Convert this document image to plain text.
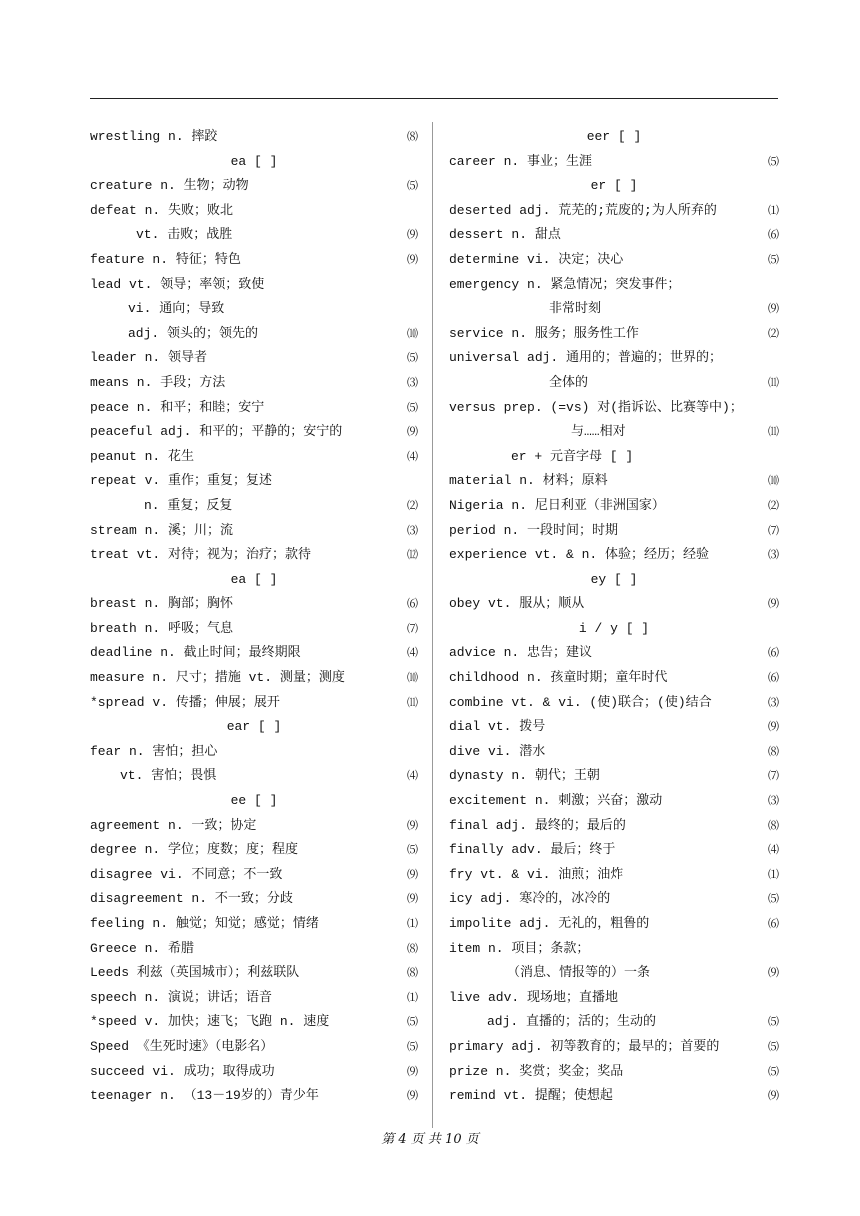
wrestling n. 摔跤	⑻
ea [ ]
creature n. 生物；动物	⑸
defeat n. 失败；败北
vt. 击败；战胜	⑼
feature n. 特征；特色	⑼
lead vt. 领导；率领；致使
vi. 通向；导致
adj. 领头的；领先的	⑽
leader n. 领导者	⑸
means n. 手段；方法	⑶
peace n. 和平；和睦；安宁	⑸
peaceful adj. 和平的；平静的；安宁的	⑼
peanut n. 花生	⑷
repeat v. 重作；重复；复述
n. 重复；反复	⑵
stream n. 溪；川；流	⑶
treat vt. 对待；视为；治疗；款待	⑿
ea [ ]
breast n. 胸部；胸怀	⑹
breath n. 呼吸；气息	⑺
deadline n. 截止时间；最终期限	⑷
measure n. 尺寸；措施 vt. 测量；测度	⑽
*spread v. 传播；伸展；展开	⑾
ear [ ]
fear n. 害怕；担心
vt. 害怕；畏惧	⑷
ee [ ]
agreement n. 一致；协定	⑼
degree n. 学位；度数；度；程度	⑸
disagree vi. 不同意；不一致	⑼
disagreement n. 不一致；分歧	⑼
feeling n. 触觉；知觉；感觉；情绪	⑴
Greece n. 希腊	⑻
Leeds 利兹（英国城市）；利兹联队	⑻
speech n. 演说；讲话；语音	⑴
*speed v. 加快；速飞；飞跑 n. 速度	⑸
Speed 《生死时速》（电影名）	⑸
succeed vi. 成功；取得成功	⑼
teenager n. （13－19岁的）青少年	⑼
eer [ ]
career n. 事业；生涯	⑸
er [ ]
deserted adj. 荒芜的;荒废的;为人所弃的	⑴
dessert n. 甜点	⑹
determine vi. 决定；决心	⑸
emergency n. 紧急情况；突发事件；
非常时刻	⑼
service n. 服务；服务性工作	⑵
universal adj. 通用的；普遍的；世界的；
全体的	⑾
versus prep. (=vs) 对(指诉讼、比赛等中)；
与……相对	⑾
er + 元音字母 [ ]
material n. 材料；原料	⑽
Nigeria n. 尼日利亚（非洲国家）	⑵
period n. 一段时间；时期	⑺
experience vt. & n. 体验；经历；经验	⑶
ey [ ]
obey vt. 服从；顺从	⑼
i / y [ ]
advice n. 忠告；建议	⑹
childhood n. 孩童时期；童年时代	⑹
combine vt. & vi. (使)联合；(使)结合	⑶
dial vt. 拨号	⑼
dive vi. 潜水	⑻
dynasty n. 朝代；王朝	⑺
excitement n. 刺激；兴奋；激动	⑶
final adj. 最终的；最后的	⑻
finally adv. 最后；终于	⑷
fry vt. & vi. 油煎；油炸	⑴
icy adj. 寒冷的，冰冷的	⑸
impolite adj. 无礼的，粗鲁的	⑹
item n. 项目；条款；
（消息、情报等的）一条	⑼
live adv. 现场地；直播地
adj. 直播的；活的；生动的	⑸
primary adj. 初等教育的；最早的；首要的	⑸
prize n. 奖赏；奖金；奖品	⑸
remind vt. 提醒；使想起	⑼
第 4 页 共 10 页
